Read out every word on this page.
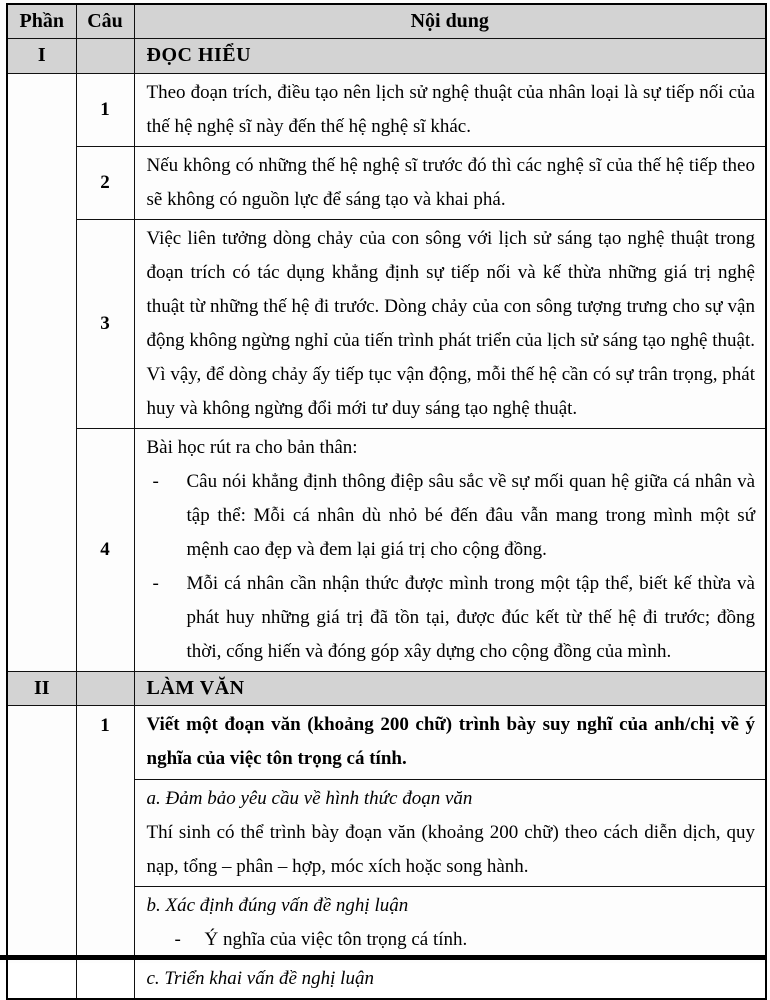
Phần	Câu	Nội dung
I		ĐỌC HIỂU
	1	Theo đoạn trích, điều tạo nên lịch sử nghệ thuật của nhân loại là sự tiếp nối của thế hệ nghệ sĩ này đến thế hệ nghệ sĩ khác.

	2	Nếu không có những thế hệ nghệ sĩ trước đó thì các nghệ sĩ của thế hệ tiếp theo sẽ không có nguồn lực để sáng tạo và khai phá.

	3	Việc liên tưởng dòng chảy của con sông với lịch sử sáng tạo nghệ thuật trong đoạn trích có tác dụng khẳng định sự tiếp nối và kế thừa những giá trị nghệ thuật từ những thế hệ đi trước. Dòng chảy của con sông tượng trưng cho sự vận động không ngừng nghỉ của tiến trình phát triển của lịch sử sáng tạo nghệ thuật. Vì vậy, để dòng chảy ấy tiếp tục vận động, mỗi thế hệ cần có sự trân trọng, phát huy và không ngừng đổi mới tư duy sáng tạo nghệ thuật.

	4	Bài học rút ra cho bản thân:

- Câu nói khẳng định thông điệp sâu sắc về sự mối quan hệ giữa cá nhân và tập thể: Mỗi cá nhân dù nhỏ bé đến đâu vẫn mang trong mình một sứ mệnh cao đẹp và đem lại giá trị cho cộng đồng.
- Mỗi cá nhân cần nhận thức được mình trong một tập thể, biết kế thừa và phát huy những giá trị đã tồn tại, được đúc kết từ thế hệ đi trước; đồng thời, cống hiến và đóng góp xây dựng cho cộng đồng của mình.

II		LÀM VĂN
	1	Viết một đoạn văn (khoảng 200 chữ) trình bày suy nghĩ của anh/chị về ý nghĩa của việc tôn trọng cá tính.

		a. Đảm bảo yêu cầu về hình thức đoạn văn

Thí sinh có thể trình bày đoạn văn (khoảng 200 chữ) theo cách diễn dịch, quy nạp, tổng – phân – hợp, móc xích hoặc song hành.

		b. Xác định đúng vấn đề nghị luận

- Ý nghĩa của việc tôn trọng cá tính.

		c. Triển khai vấn đề nghị luận
